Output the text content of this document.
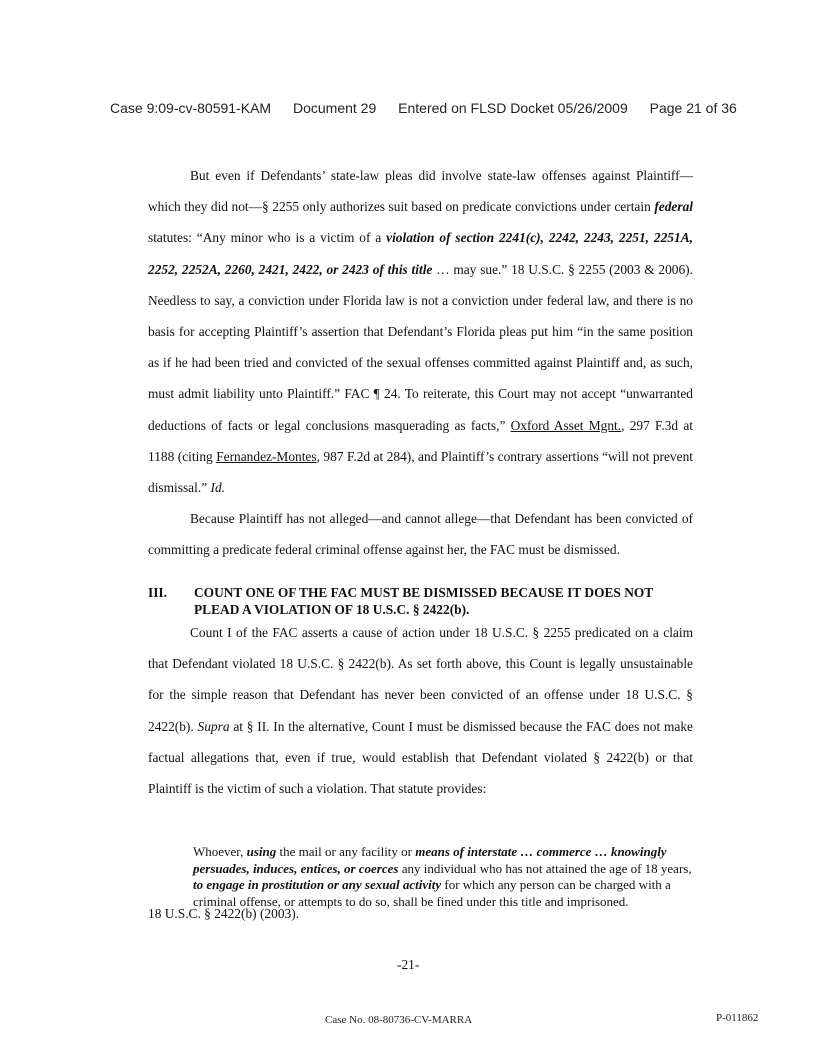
Case 9:09-cv-80591-KAM Document 29 Entered on FLSD Docket 05/26/2009 Page 21 of 36

But even if Defendants’ state-law pleas did involve state-law offenses against Plaintiff—which they did not—§ 2255 only authorizes suit based on predicate convictions under certain federal statutes: “Any minor who is a victim of a violation of section 2241(c), 2242, 2243, 2251, 2251A, 2252, 2252A, 2260, 2421, 2422, or 2423 of this title … may sue.” 18 U.S.C. § 2255 (2003 & 2006). Needless to say, a conviction under Florida law is not a conviction under federal law, and there is no basis for accepting Plaintiff’s assertion that Defendant’s Florida pleas put him “in the same position as if he had been tried and convicted of the sexual offenses committed against Plaintiff and, as such, must admit liability unto Plaintiff.” FAC ¶ 24. To reiterate, this Court may not accept “unwarranted deductions of facts or legal conclusions masquerading as facts,” Oxford Asset Mgnt., 297 F.3d at 1188 (citing Fernandez-Montes, 987 F.2d at 284), and Plaintiff’s contrary assertions “will not prevent dismissal.” Id.

Because Plaintiff has not alleged—and cannot allege—that Defendant has been convicted of committing a predicate federal criminal offense against her, the FAC must be dismissed.

III.	COUNT ONE OF THE FAC MUST BE DISMISSED BECAUSE IT DOES NOT PLEAD A VIOLATION OF 18 U.S.C. § 2422(b).

Count I of the FAC asserts a cause of action under 18 U.S.C. § 2255 predicated on a claim that Defendant violated 18 U.S.C. § 2422(b). As set forth above, this Count is legally unsustainable for the simple reason that Defendant has never been convicted of an offense under 18 U.S.C. § 2422(b). Supra at § II. In the alternative, Count I must be dismissed because the FAC does not make factual allegations that, even if true, would establish that Defendant violated § 2422(b) or that Plaintiff is the victim of such a violation. That statute provides:

Whoever, using the mail or any facility or means of interstate … commerce … knowingly persuades, induces, entices, or coerces any individual who has not attained the age of 18 years, to engage in prostitution or any sexual activity for which any person can be charged with a criminal offense, or attempts to do so, shall be fined under this title and imprisoned.
18 U.S.C. § 2422(b) (2003).
-21-
Case No. 08-80736-CV-MARRA	P-011862
